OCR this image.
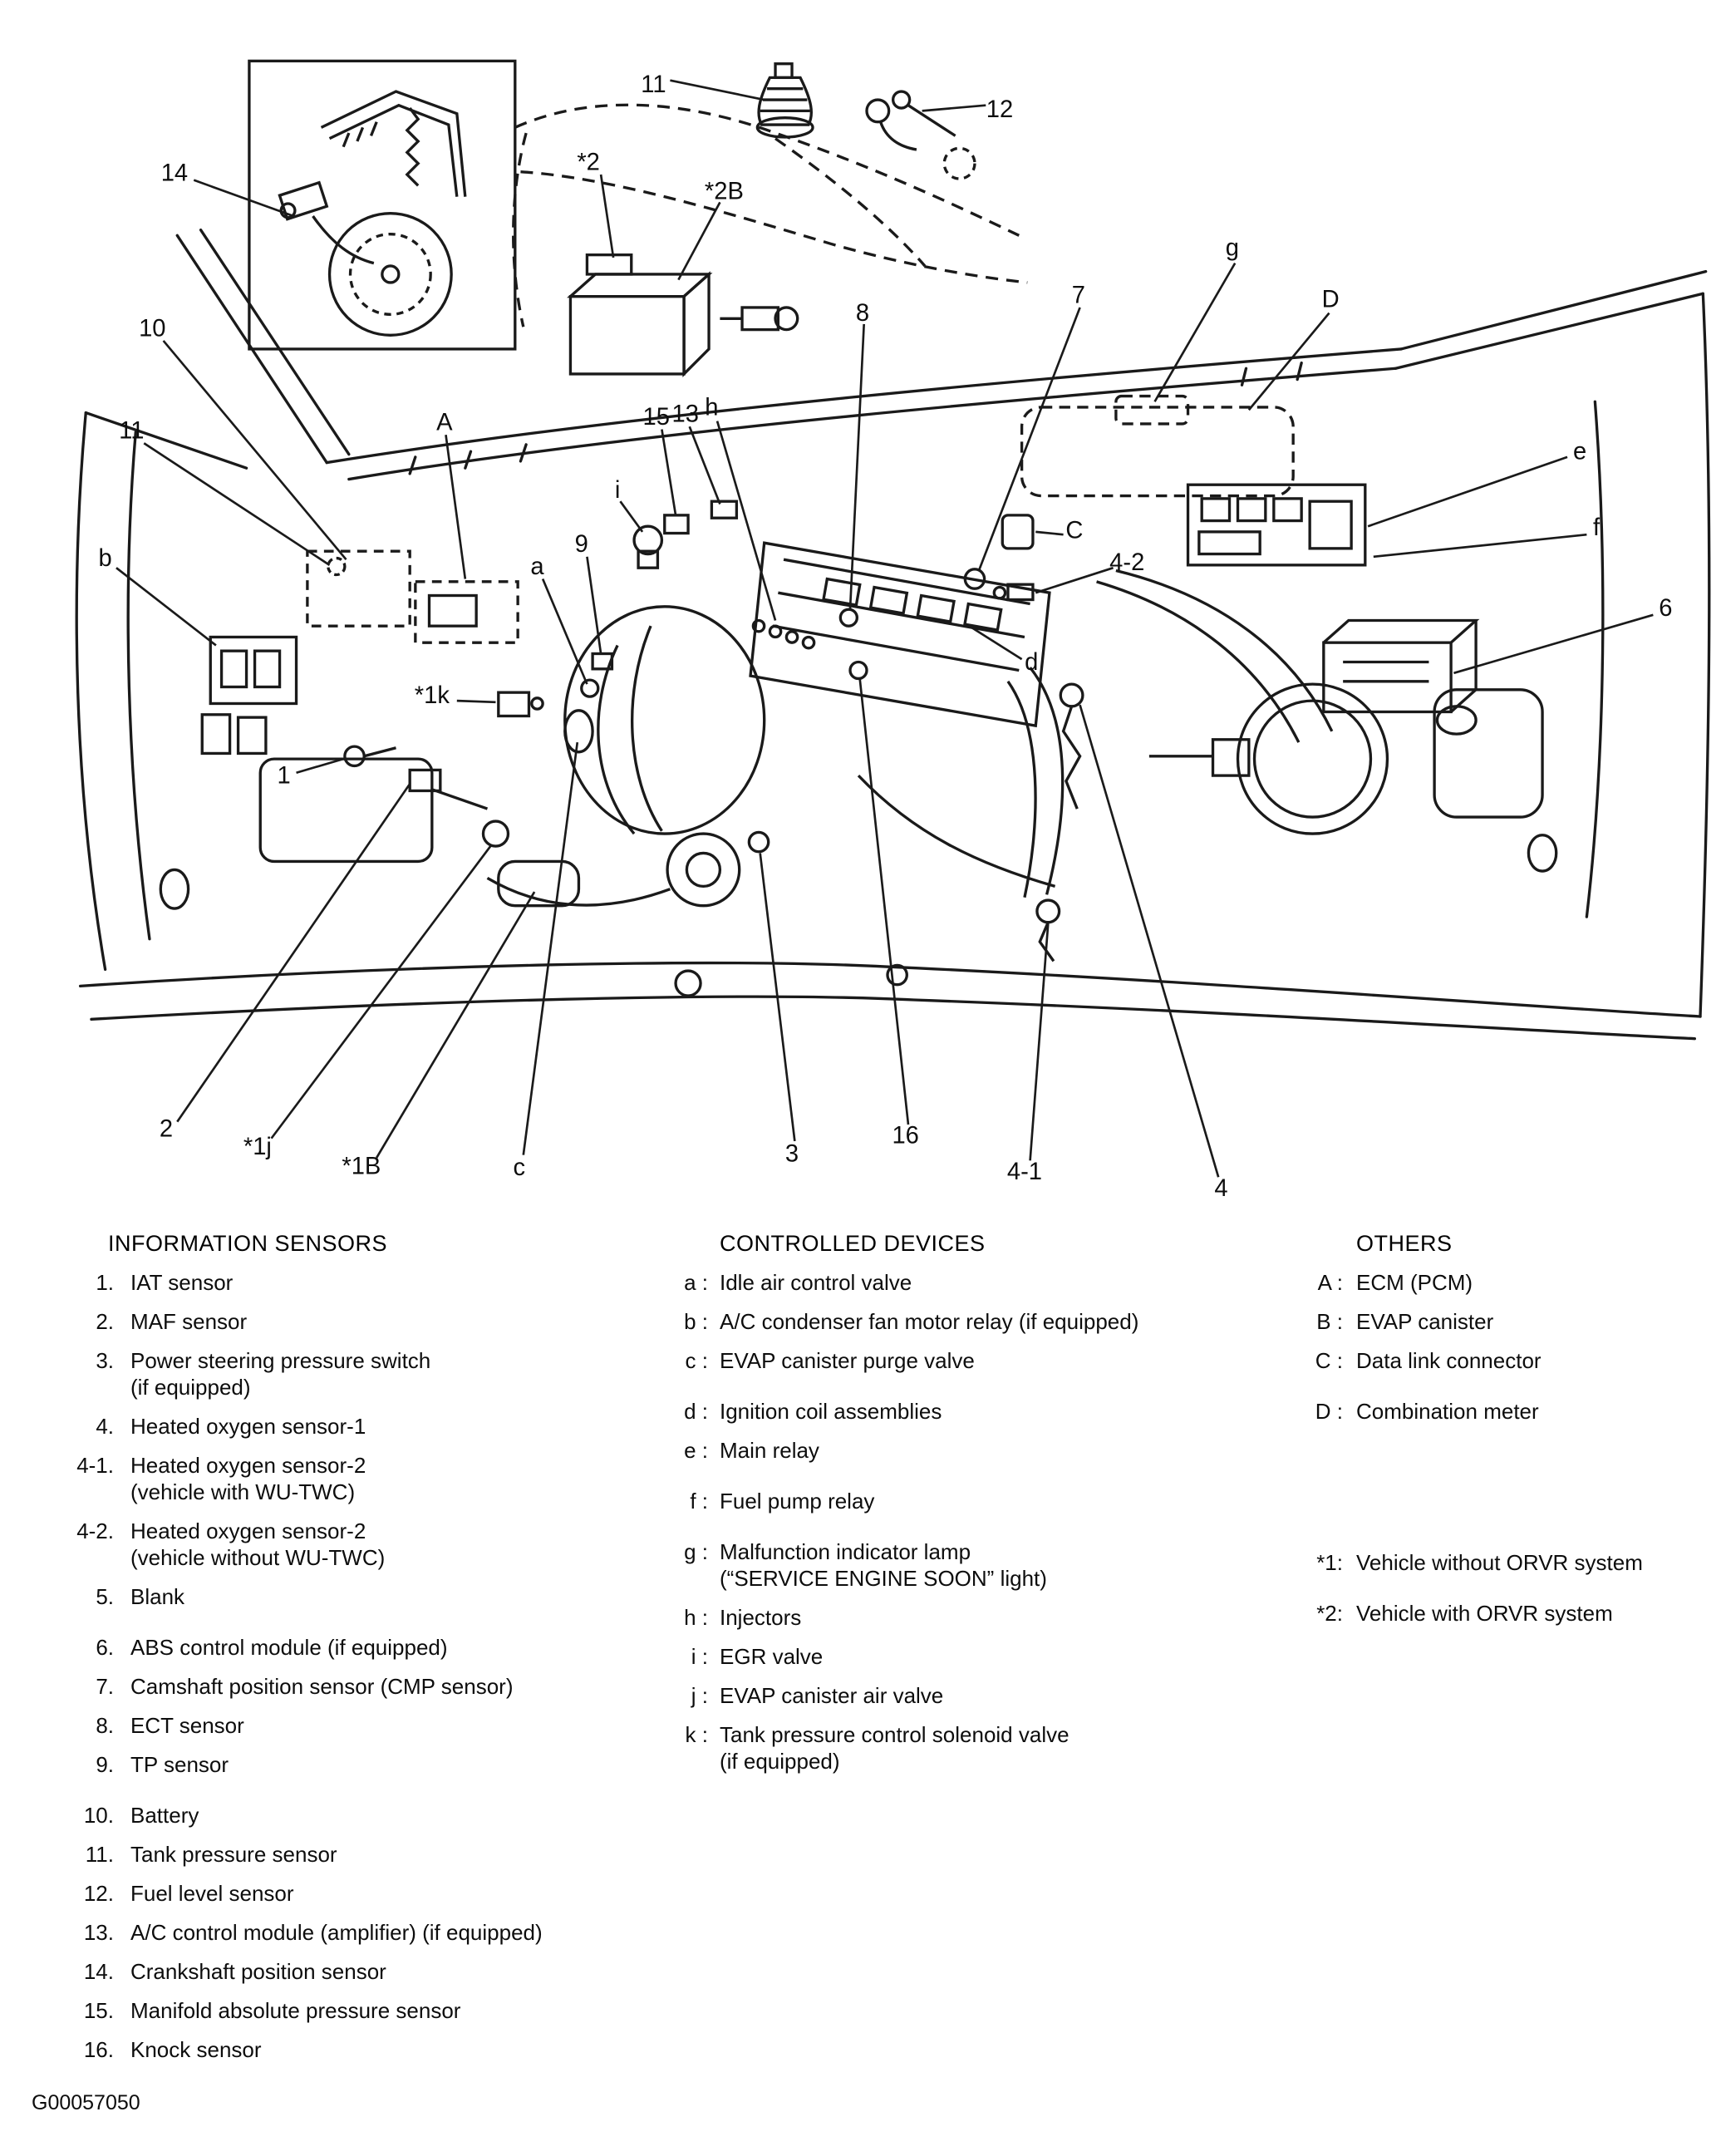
11
12
14	*2
*2B
10
11
b
A	15 13 h
i
8
7
g
D
e
f
6
C
4-2
a
9
*1k
d
1
2
*1j
*1B	c
3
16
4-1
4
INFORMATION SENSORS
1. IAT sensor
2. MAF sensor
3. Power steering pressure switch
(if equipped)
4. Heated oxygen sensor-1
4-1. Heated oxygen sensor-2
(vehicle with WU-TWC)
4-2. Heated oxygen sensor-2
(vehicle without WU-TWC)
5. Blank
6. ABS control module (if equipped)
7. Camshaft position sensor (CMP sensor)
8. ECT sensor
9. TP sensor
10. Battery
11. Tank pressure sensor
12. Fuel level sensor
13. A/C control module (amplifier) (if equipped)
14. Crankshaft position sensor
15. Manifold absolute pressure sensor
16. Knock sensor
CONTROLLED DEVICES
a : Idle air control valve
b : A/C condenser fan motor relay (if equipped)
c : EVAP canister purge valve
d : Ignition coil assemblies
e : Main relay
f : Fuel pump relay
g : Malfunction indicator lamp
(“SERVICE ENGINE SOON” light)
h : Injectors
i : EGR valve
j : EVAP canister air valve
k : Tank pressure control solenoid valve
(if equipped)
OTHERS
A : ECM (PCM)
B : EVAP canister
C : Data link connector
D : Combination meter
*1: Vehicle without ORVR system
*2: Vehicle with ORVR system
G00057050
